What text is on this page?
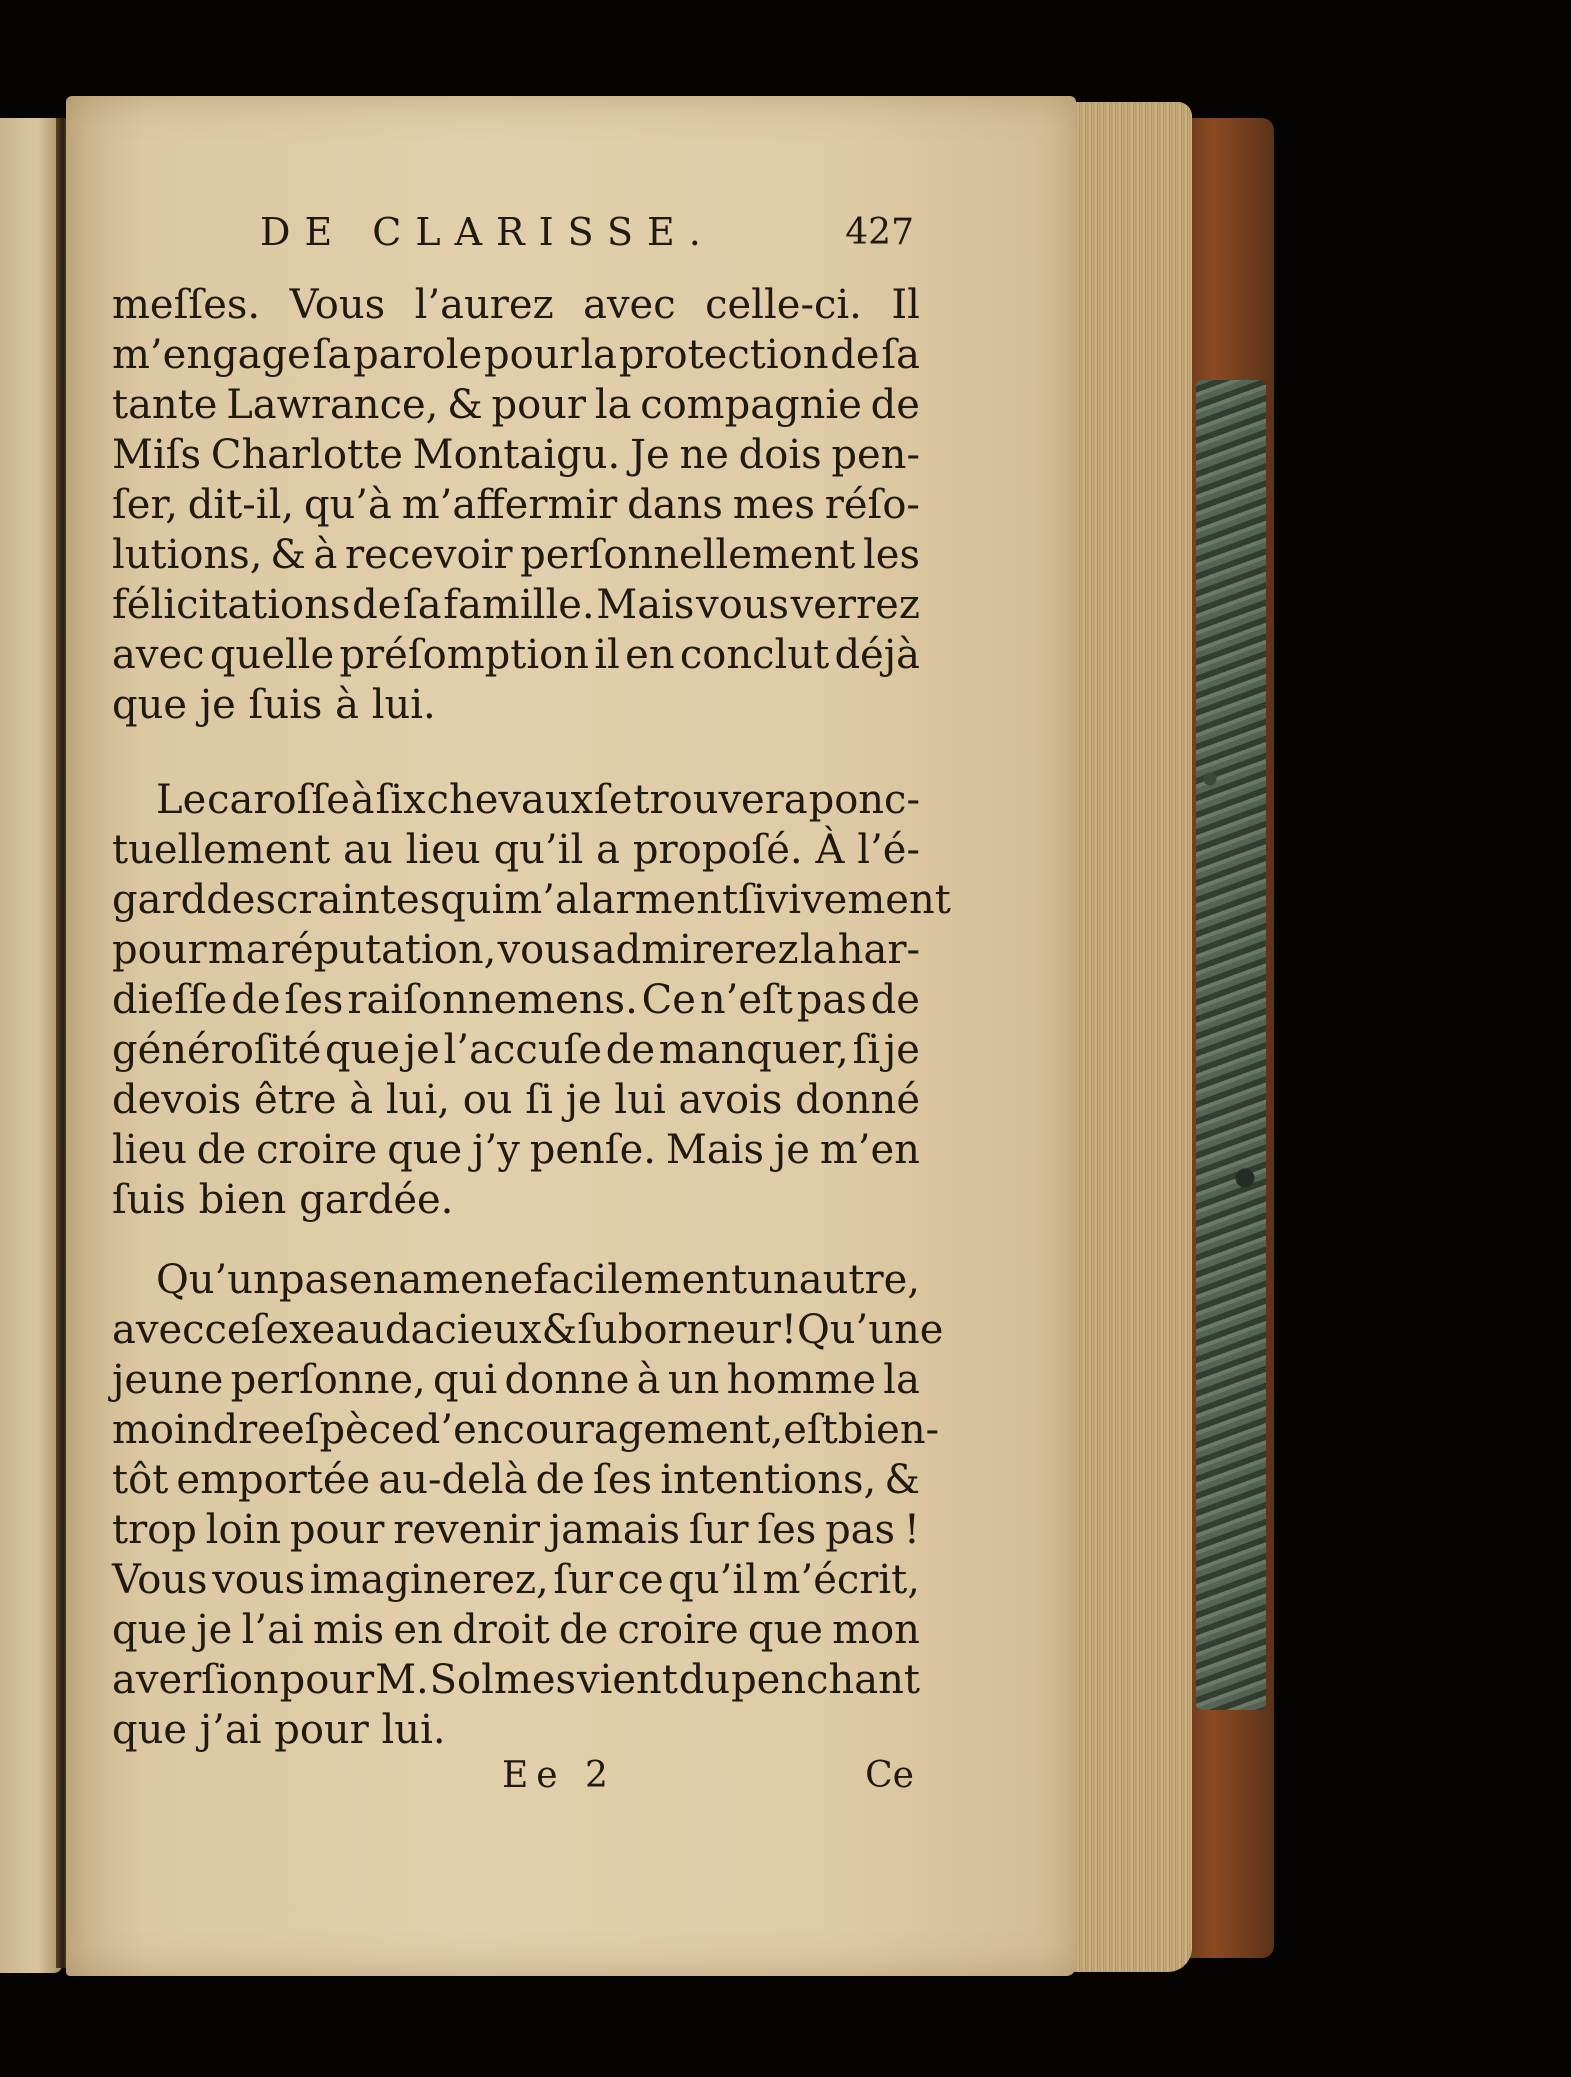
DE CLARISSE.	427
meſſes. Vous l’aurez avec celle-ci. Il
m’engage ſa parole pour la protection de ſa
tante Lawrance, & pour la compagnie de
Miſs Charlotte Montaigu. Je ne dois pen-
ſer, dit-il, qu’à m’affermir dans mes réſo-
lutions, & à recevoir perſonnellement les
félicitations de ſa famille. Mais vous verrez
avec quelle préſomption il en conclut déjà
que je ſuis à lui.
Le caroſſe à ſix chevaux ſe trouvera ponc-
tuellement au lieu qu’il a propoſé. À l’é-
gard des craintes qui m’alarment ſi vivement
pour ma réputation, vous admirerez la har-
dieſſe de ſes raiſonnemens. Ce n’eſt pas de
généroſité que je l’accuſe de manquer, ſi je
devois être à lui, ou ſi je lui avois donné
lieu de croire que j’y penſe. Mais je m’en
ſuis bien gardée.
Qu’un pas en amene facilement un autre,
avec ce ſexe audacieux & ſuborneur ! Qu’une
jeune perſonne, qui donne à un homme la
moindre eſpèce d’encouragement, eſt bien-
tôt emportée au-delà de ſes intentions, &
trop loin pour revenir jamais ſur ſes pas !
Vous vous imaginerez, ſur ce qu’il m’écrit,
que je l’ai mis en droit de croire que mon
averſion pour M. Solmes vient du penchant
que j’ai pour lui.
Ee 2	Ce
